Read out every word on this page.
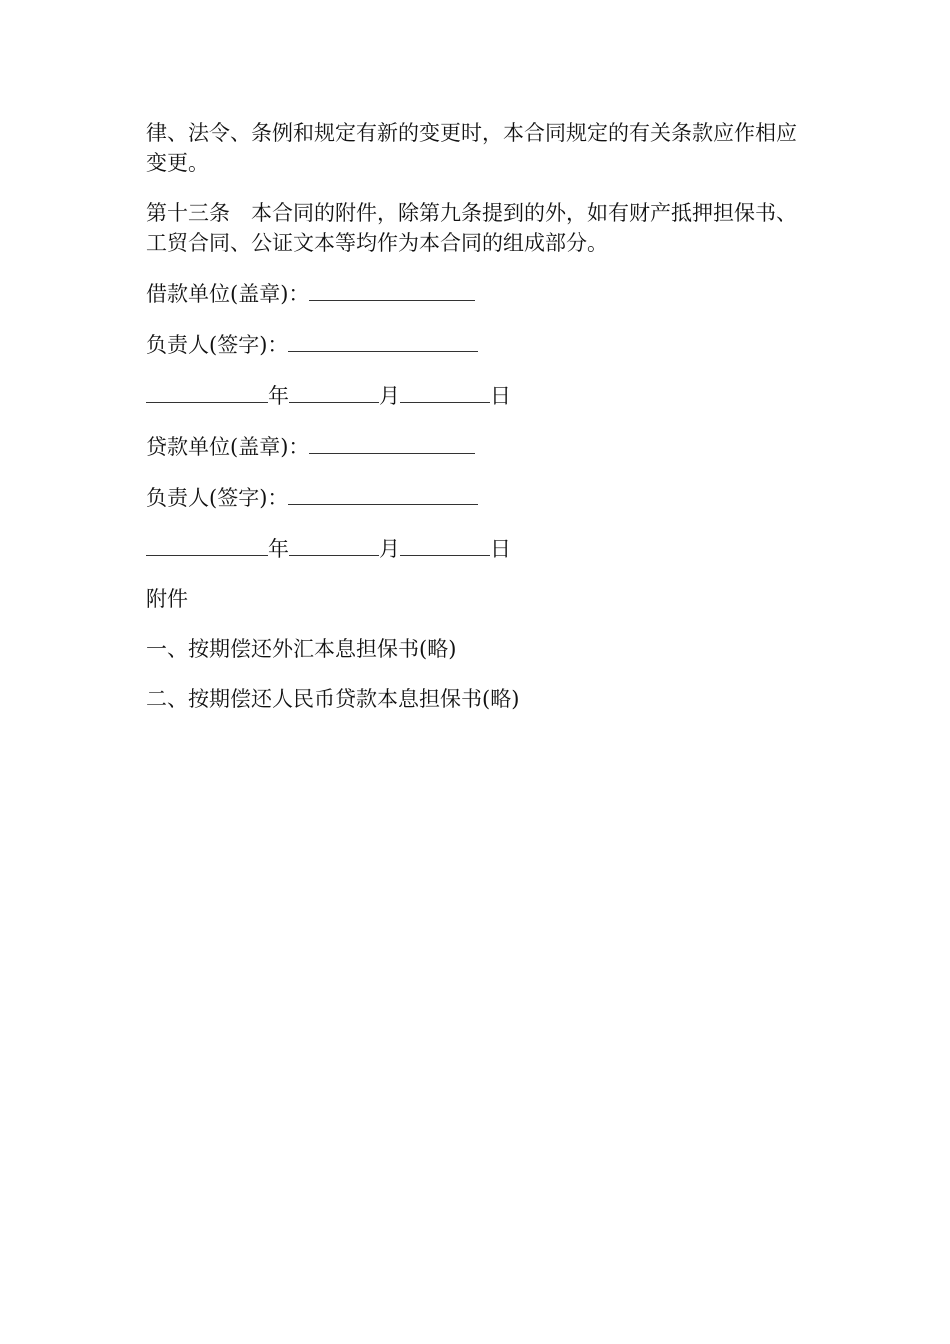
律、法令、条例和规定有新的变更时，本合同规定的有关条款应作相应变更。

第十三条　本合同的附件，除第九条提到的外，如有财产抵押担保书、工贸合同、公证文本等均作为本合同的组成部分。

借款单位(盖章)：
负责人(签字)：
年	月	日
贷款单位(盖章)：
负责人(签字)：
年	月	日
附件
一、按期偿还外汇本息担保书(略)
二、按期偿还人民币贷款本息担保书(略)
